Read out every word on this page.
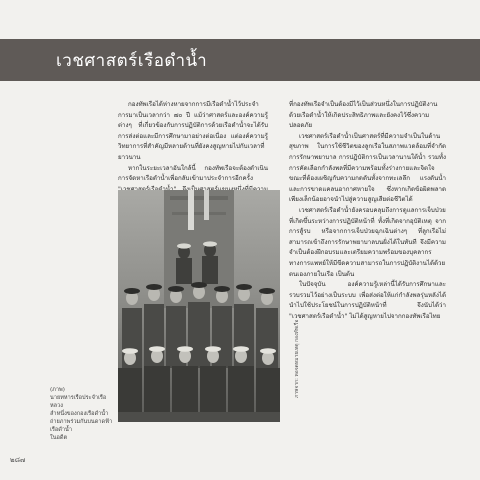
เวชศาสตร์เรือดำน้ำ

กองทัพเรือได้ห่างหายจากการมีเรือดำน้ำไว้ประจำการมาเป็นเวลากว่า ๗๐ ปี แม้ว่าศาสตร์และองค์ความรู้ต่างๆ ที่เกี่ยวข้องกับการปฏิบัติการด้วยเรือดำน้ำจะได้รับการส่งต่อและมีการศึกษามาอย่างต่อเนื่อง แต่องค์ความรู้ วิทยาการที่สำคัญมีหลายด้านที่ยังคงสูญหายไปกับเวลาที่ยาวนาน

หากในระยะเวลาอันใกล้นี้ กองทัพเรือจะต้องดำเนินการจัดหาเรือดำน้ำเพื่อกลับเข้ามาประจำการอีกครั้ง

ที่กองทัพเรือจำเป็นต้องมีไว้เป็นส่วนหนึ่งในการปฏิบัติงานด้วยเรือดำน้ำให้เกิดประสิทธิภาพและยังคงไว้ซึ่งความปลอดภัย

เวชศาสตร์เรือดำน้ำเป็นศาสตร์ที่มีความจำเป็นในด้านสุขภาพ ในการใช้ชีวิตของลูกเรือในสภาพแวดล้อมที่จำกัด การรักษาพยาบาล การปฏิบัติการเป็นเวลานานใต้น้ำ รวมทั้งการคัดเลือกกำลังพลที่มีความพร้อมทั้งร่างกายและจิตใจ ขณะที่ต้องเผชิญกับความกดดันทั้งจากทะเลลึก แรงดันน้ำ และการขาดแคลนอากาศหายใจ ซึ่งหากเกิดข้อผิดพลาดเพียงเล็กน้อยอาจนำไปสู่ความสูญเสียต่อชีวิตได้

เวชศาสตร์เรือดำน้ำยังครอบคลุมถึงการดูแลการเจ็บป่วยที่เกิดขึ้นระหว่างการปฏิบัติหน้าที่ ทั้งที่เกิดจากอุบัติเหตุ จากการสู้รบ หรือจากการเจ็บป่วยฉุกเฉินต่างๆ ที่ลูกเรือไม่สามารถเข้าถึงการรักษาพยาบาลบนฝั่งได้ในทันที จึงมีความจำเป็นต้องฝึกอบรมและเตรียมความพร้อมของบุคลากรทางการแพทย์ให้มีขีดความสามารถในการปฏิบัติงานได้ด้วยตนเองภายในเรือ เป็นต้น

ในปัจจุบัน องค์ความรู้เหล่านี้ได้รับการศึกษาและรวบรวมไว้อย่างเป็นระบบ เพื่อส่งต่อให้แก่กำลังพลรุ่นหลังได้นำไปใช้ประโยชน์ในการปฏิบัติหน้าที่ จึงนับได้ว่า "เวชศาสตร์เรือดำน้ำ" ไม่ได้สูญหายไปจากกองทัพเรือไทย

ภาพจาก: หอจดหมายเหตุ กองทัพเรือ
(ภาพ)
นายทหารเรือประจำเรือหลวง
ลำหนึ่งของกองเรือดำน้ำ
ถ่ายภาพร่วมกันบนดาดฟ้าเรือดำน้ำ
ในอดีต
๒๘๗
